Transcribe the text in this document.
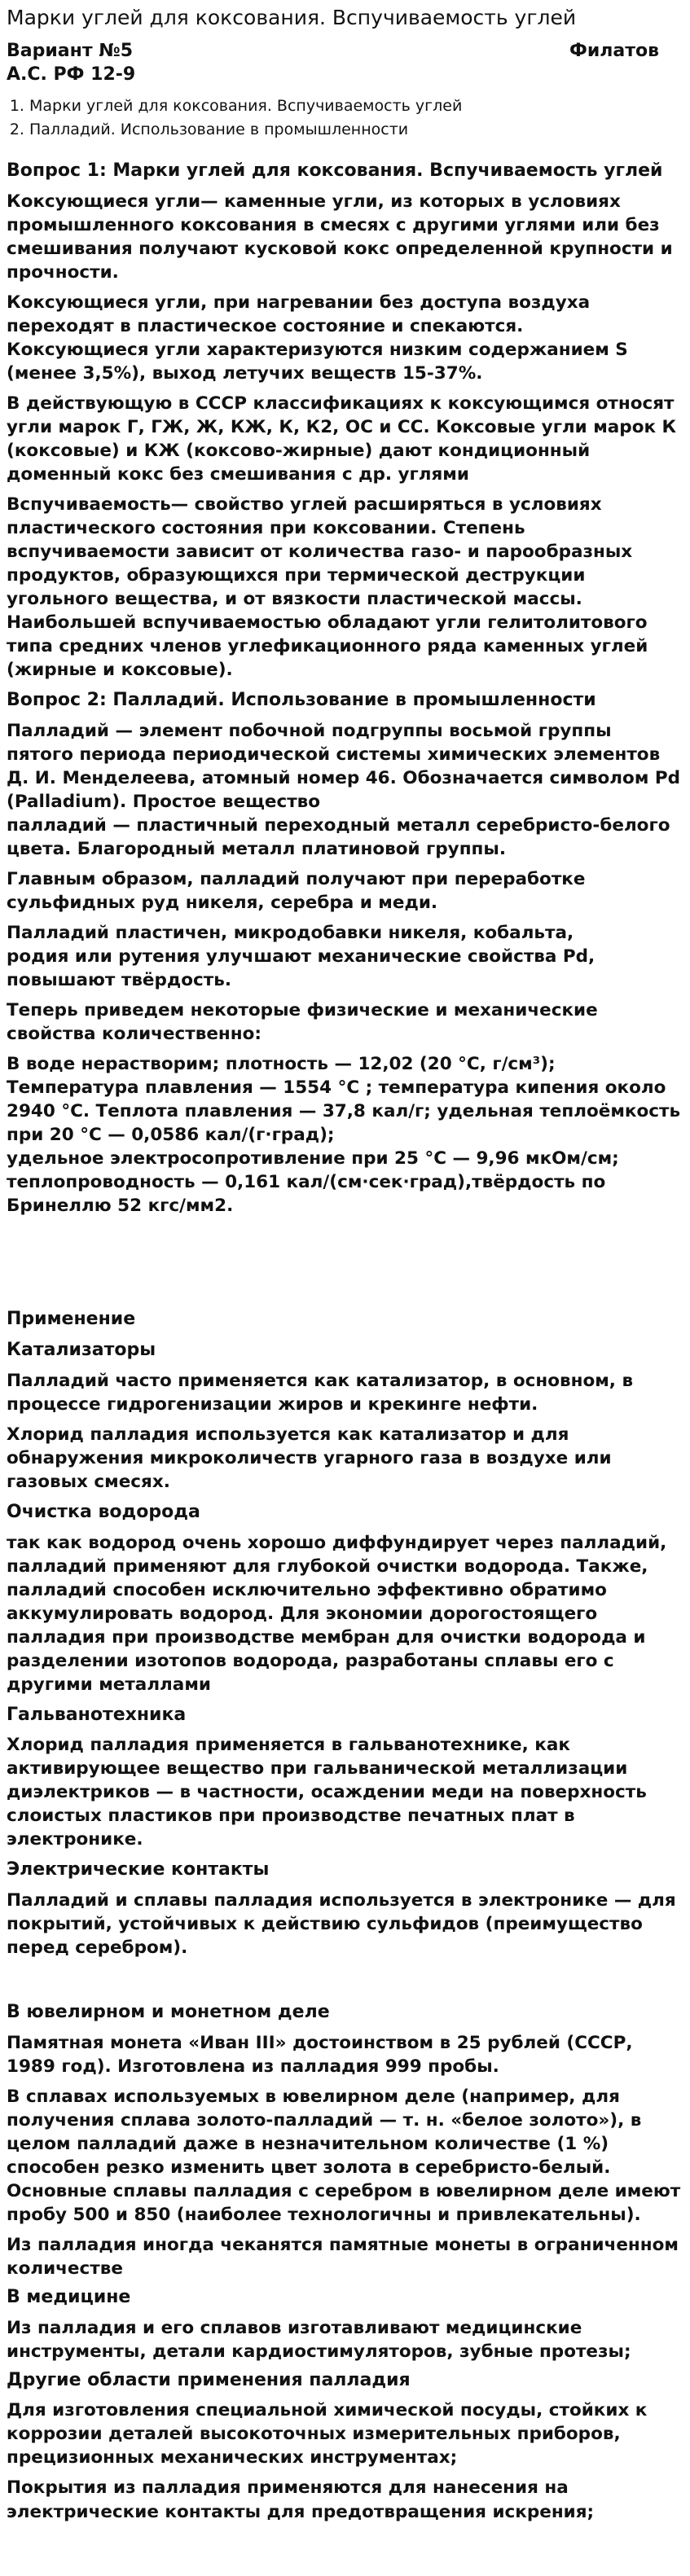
Марки углей для коксования. Вспучиваемость углей
Вариант №5	Филатов
А.С. РФ 12-9
1. Марки углей для коксования. Вспучиваемость углей
2. Палладий. Использование в промышленности

Вопрос 1: Марки углей для коксования. Вспучиваемость углей

Коксующиеся угли— каменные угли, из которых в условиях промышленного коксования в смесях с другими углями или без смешивания получают кусковой кокс определенной крупности и прочности.

Коксующиеся угли, при нагревании без доступа воздуха переходят в пластическое состояние и спекаются.
Коксующиеся угли характеризуются низким содержанием S (менее 3,5%), выход летучих веществ 15-37%.

В действующую в СССР классификациях к коксующимся относят угли марок Г, ГЖ, Ж, КЖ, К, К2, ОС и СС. Коксовые угли марок К (коксовые) и КЖ (коксово-жирные) дают кондиционный доменный кокс без смешивания с др. углями

Вспучиваемость— свойство углей расширяться в условиях пластического состояния при коксовании. Степень вспучиваемости зависит от количества газо- и парообразных продуктов, образующихся при термической деструкции угольного вещества, и от вязкости пластической массы. Наибольшей вспучиваемостью обладают угли гелитолитового типа средних членов углефикационного ряда каменных углей (жирные и коксовые).

Вопрос 2: Палладий. Использование в промышленности

Палладий — элемент побочной подгруппы восьмой группы пятого периода периодической системы химических элементов Д. И. Менделеева, атомный номер 46. Обозначается символом Pd (Palladium). Простое вещество
палладий — пластичный переходный металл серебристо-белого цвета. Благородный металл платиновой группы.

Главным образом, палладий получают при переработке сульфидных руд никеля, серебра и меди.

Палладий пластичен, микродобавки никеля, кобальта,
родия или рутения улучшают механические свойства Pd, повышают твёрдость.

Теперь приведем некоторые физические и механические свойства количественно:

В воде нерастворим; плотность — 12,02 (20 °C, г/см³);
Температура плавления — 1554 °C ; температура кипения около 2940 °C. Теплота плавления — 37,8 кал/г; удельная теплоёмкость при 20 °C — 0,0586 кал/(г·град);
удельное электросопротивление при 25 °C — 9,96 мкОм/см; теплопроводность — 0,161 кал/(см·сек·град),твёрдость по Бринеллю 52 кгс/мм2.

Применение

Катализаторы

Палладий часто применяется как катализатор, в основном, в процессе гидрогенизации жиров и крекинге нефти.

Хлорид палладия используется как катализатор и для обнаружения микроколичеств угарного газа в воздухе или газовых смесях.

Очистка водорода

так как водород очень хорошо диффундирует через палладий, палладий применяют для глубокой очистки водорода. Также, палладий способен исключительно эффективно обратимо аккумулировать водород. Для экономии дорогостоящего палладия при производстве мембран для очистки водорода и разделении изотопов водорода, разработаны сплавы его с другими металлами

Гальванотехника

Хлорид палладия применяется в гальванотехнике, как активирующее вещество при гальванической металлизации диэлектриков — в частности, осаждении меди на поверхность слоистых пластиков при производстве печатных плат в электронике.

Электрические контакты

Палладий и сплавы палладия используется в электронике — для покрытий, устойчивых к действию сульфидов (преимущество перед серебром).

В ювелирном и монетном деле

Памятная монета «Иван III» достоинством в 25 рублей (СССР, 1989 год). Изготовлена из палладия 999 пробы.

В сплавах используемых в ювелирном деле (например, для получения сплава золото-палладий — т. н. «белое золото»), в целом палладий даже в незначительном количестве (1 %) способен резко изменить цвет золота в серебристо-белый. Основные сплавы палладия с серебром в ювелирном деле имеют пробу 500 и 850 (наиболее технологичны и привлекательны).

Из палладия иногда чеканятся памятные монеты в ограниченном количестве

В медицине

Из палладия и его сплавов изготавливают медицинские инструменты, детали кардиостимуляторов, зубные протезы;

Другие области применения палладия

Для изготовления специальной химической посуды, стойких к коррозии деталей высокоточных измерительных приборов, прецизионных механических инструментах;

Покрытия из палладия применяются для нанесения на электрические контакты для предотвращения искрения;
